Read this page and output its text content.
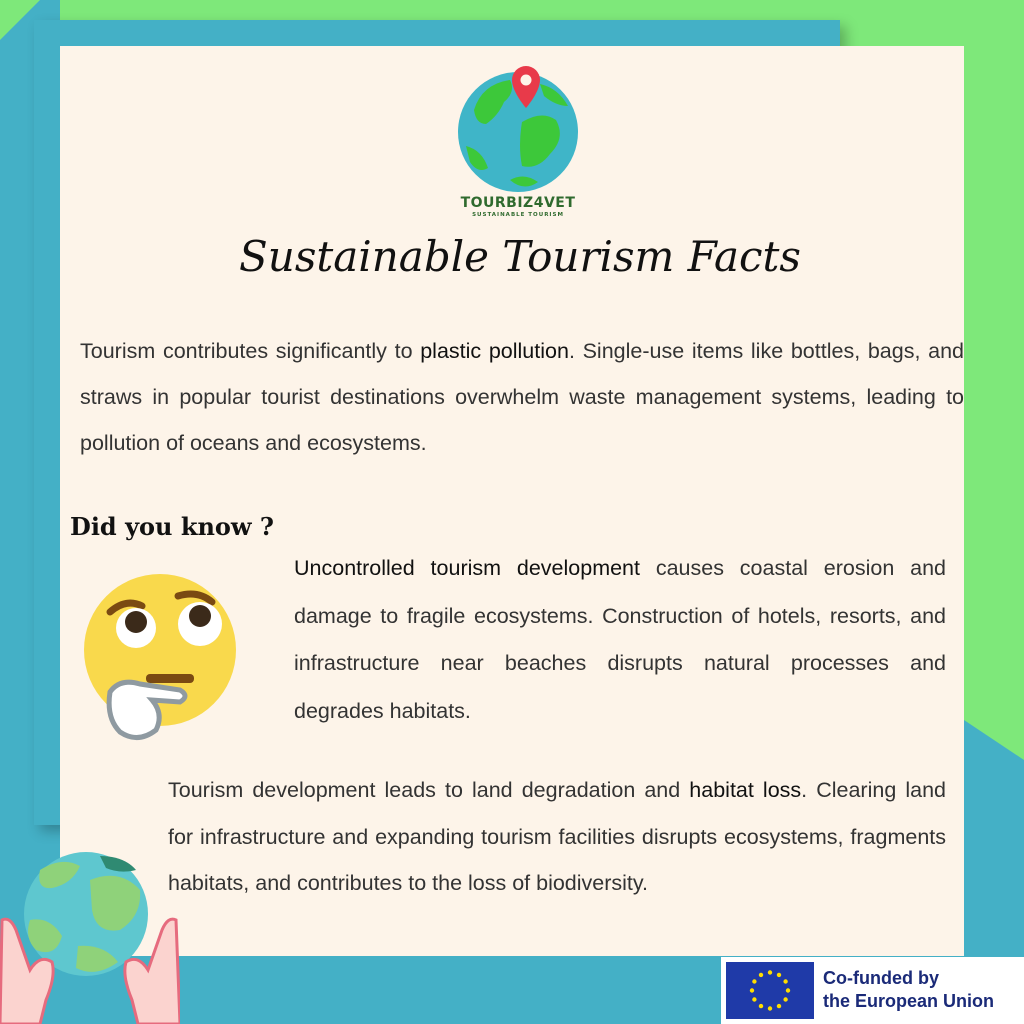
TOURBIZ4VET
SUSTAINABLE TOURISM
Sustainable Tourism Facts

Tourism contributes significantly to plastic pollution. Single-use items like bottles, bags, and straws in popular tourist destinations overwhelm waste management systems, leading to pollution of oceans and ecosystems.

Did you know ?

Uncontrolled tourism development causes coastal erosion and damage to fragile ecosystems. Construction of hotels, resorts, and infrastructure near beaches disrupts natural processes and degrades habitats.

Tourism development leads to land degradation and habitat loss. Clearing land for infrastructure and expanding tourism facilities disrupts ecosystems, fragments habitats, and contributes to the loss of biodiversity.

Co-funded by
the European Union
